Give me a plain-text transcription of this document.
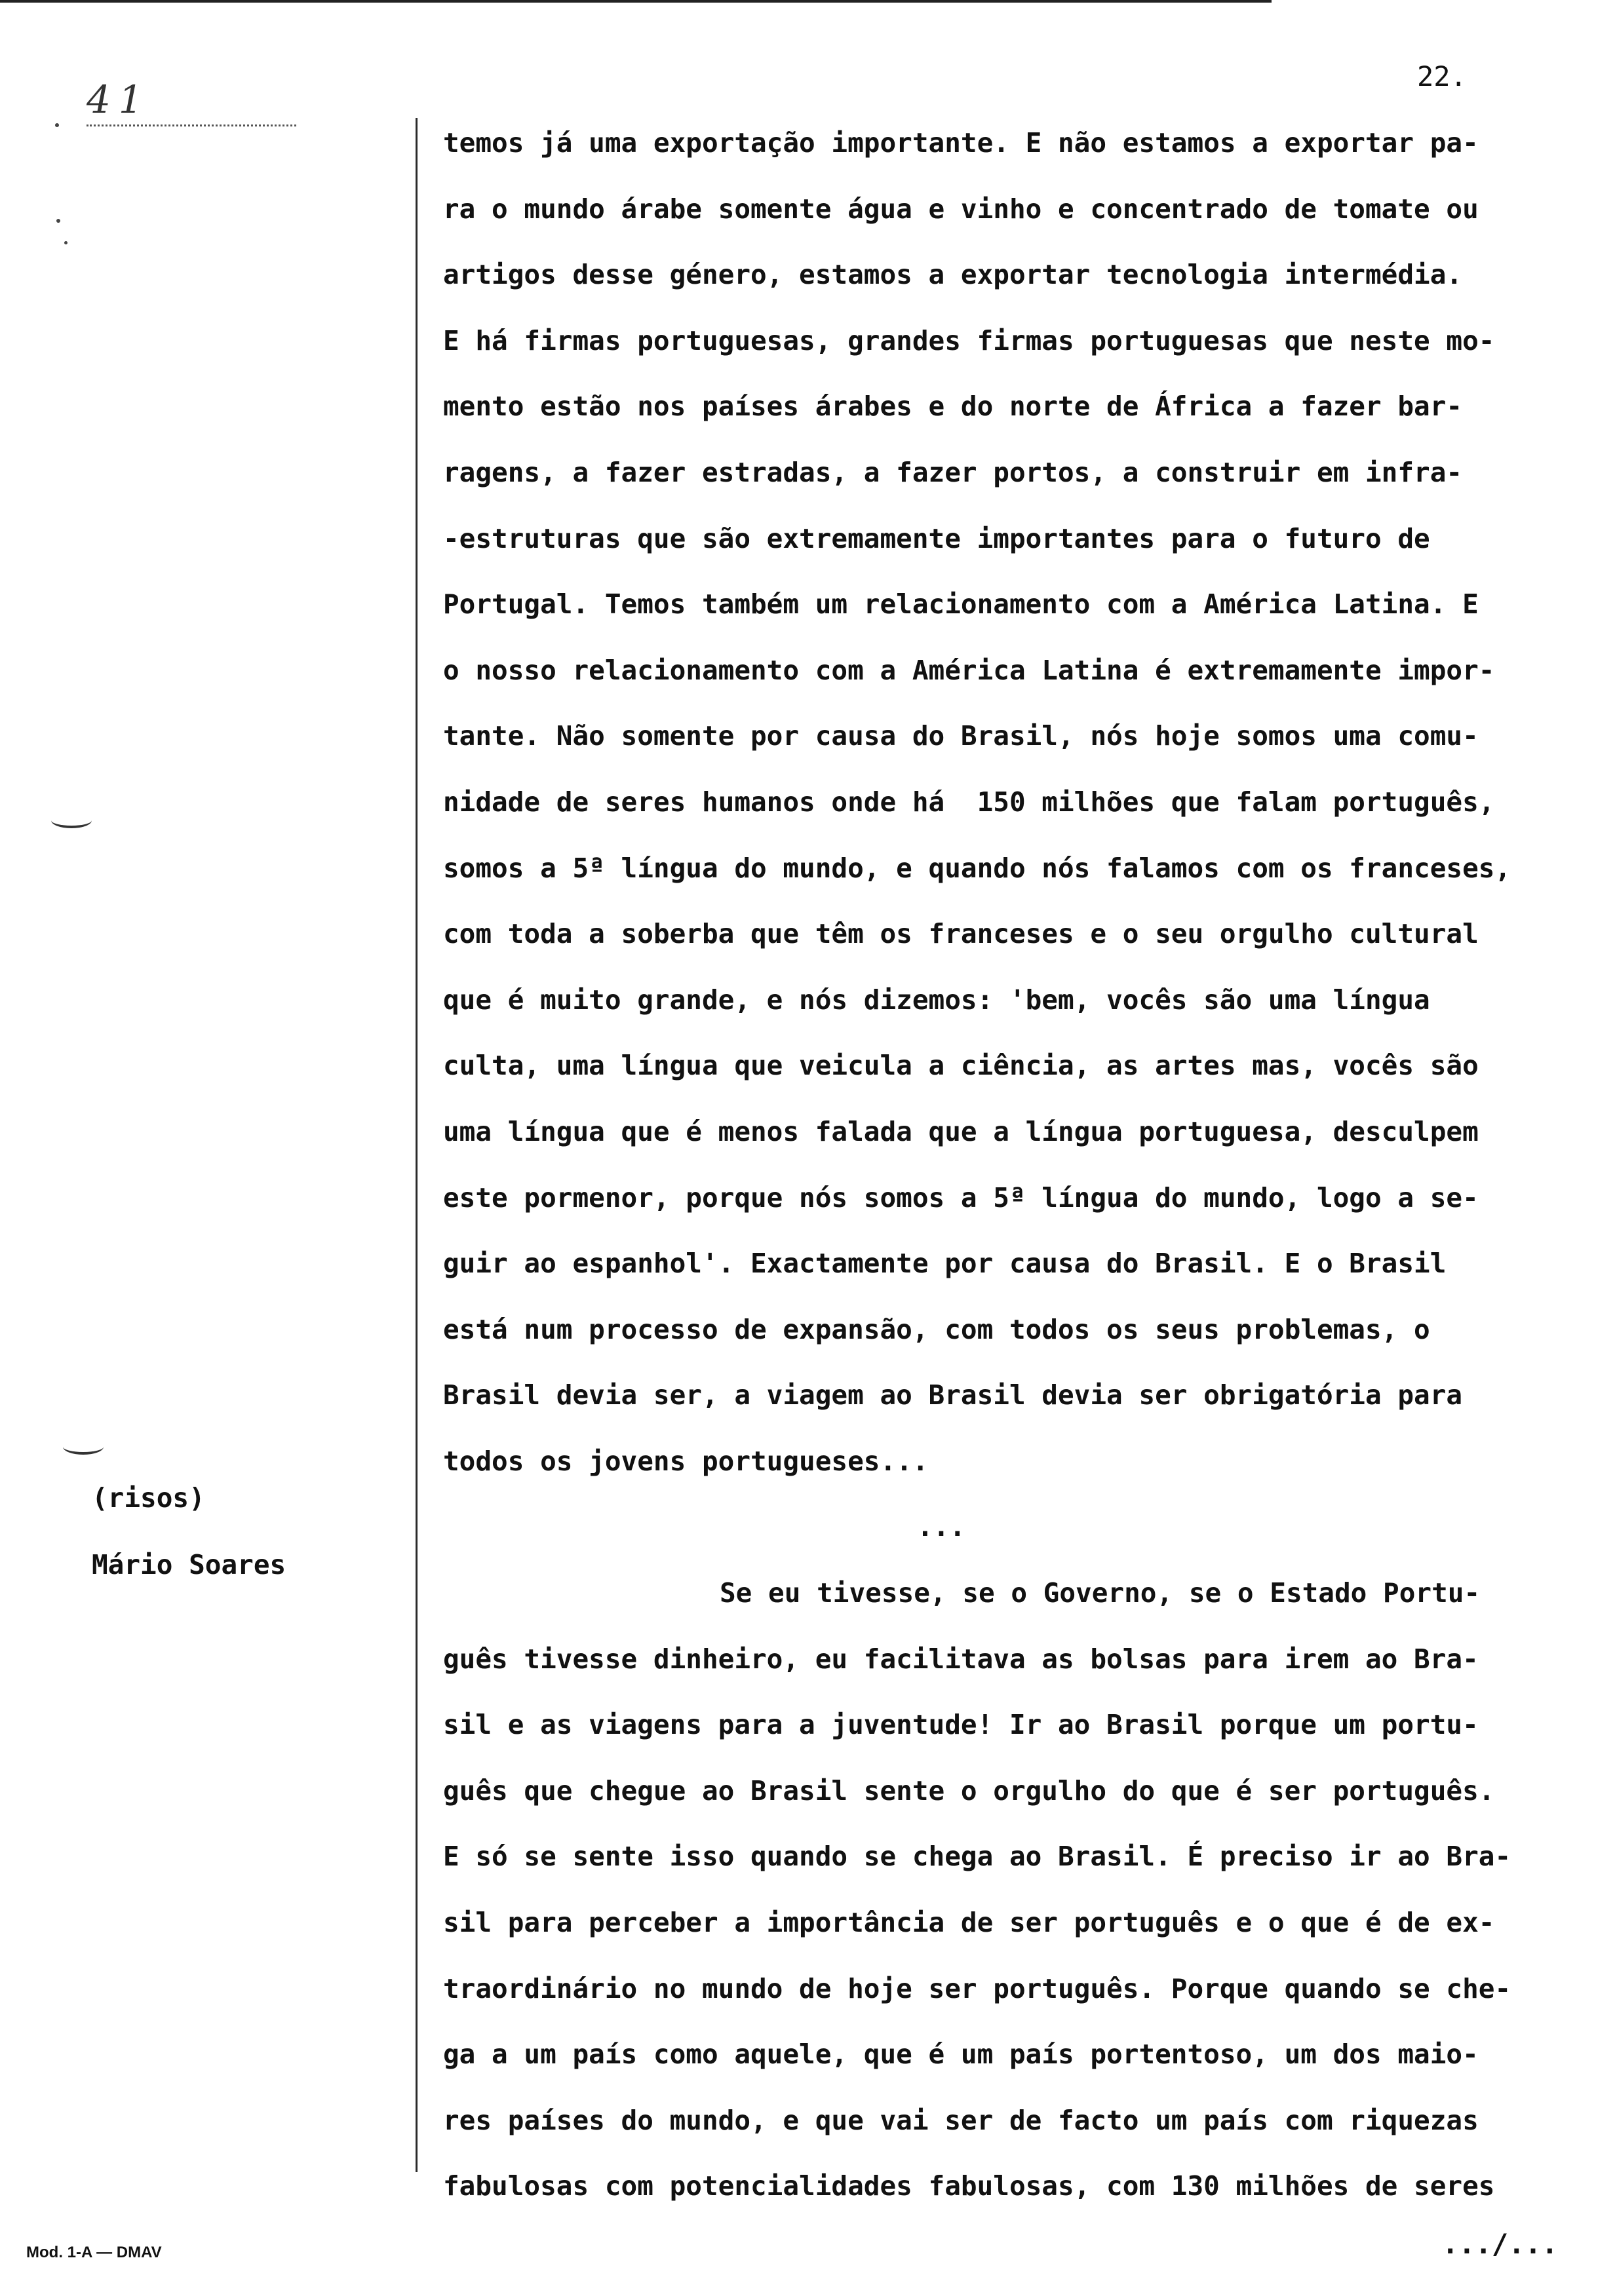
41
22.
temos já uma exportação importante. E não estamos a exportar pa-
ra o mundo árabe somente água e vinho e concentrado de tomate ou
artigos desse género, estamos a exportar tecnologia intermédia.
E há firmas portuguesas, grandes firmas portuguesas que neste mo-
mento estão nos países árabes e do norte de África a fazer bar-
ragens, a fazer estradas, a fazer portos, a construir em infra-
-estruturas que são extremamente importantes para o futuro de
Portugal. Temos também um relacionamento com a América Latina. E
o nosso relacionamento com a América Latina é extremamente impor-
tante. Não somente por causa do Brasil, nós hoje somos uma comu-
nidade de seres humanos onde há  150 milhões que falam português,
somos a 5ª língua do mundo, e quando nós falamos com os franceses,
com toda a soberba que têm os franceses e o seu orgulho cultural
que é muito grande, e nós dizemos: 'bem, vocês são uma língua
culta, uma língua que veicula a ciência, as artes mas, vocês são
uma língua que é menos falada que a língua portuguesa, desculpem
este pormenor, porque nós somos a 5ª língua do mundo, logo a se-
guir ao espanhol'. Exactamente por causa do Brasil. E o Brasil
está num processo de expansão, com todos os seus problemas, o
Brasil devia ser, a viagem ao Brasil devia ser obrigatória para
todos os jovens portugueses...
...
Se eu tivesse, se o Governo, se o Estado Portu-
guês tivesse dinheiro, eu facilitava as bolsas para irem ao Bra-
sil e as viagens para a juventude! Ir ao Brasil porque um portu-
guês que chegue ao Brasil sente o orgulho do que é ser português.
E só se sente isso quando se chega ao Brasil. É preciso ir ao Bra-
sil para perceber a importância de ser português e o que é de ex-
traordinário no mundo de hoje ser português. Porque quando se che-
ga a um país como aquele, que é um país portentoso, um dos maio-
res países do mundo, e que vai ser de facto um país com riquezas
fabulosas com potencialidades fabulosas, com 130 milhões de seres
(risos)
Mário Soares
.../...
Mod. 1-A — DMAV
